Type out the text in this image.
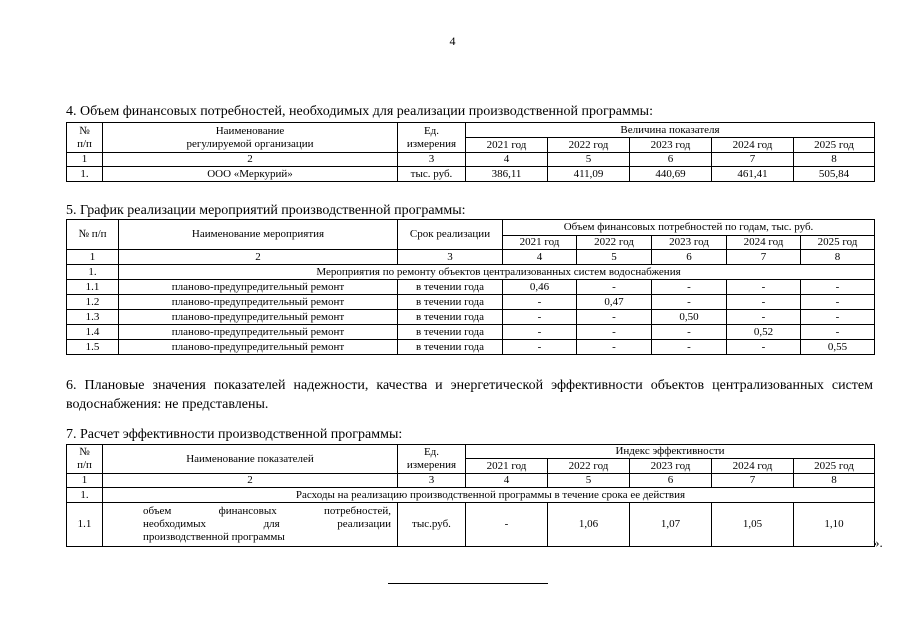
4
4. Объем финансовых потребностей, необходимых для реализации производственной программы:
№
п/п	Наименование
регулируемой организации	Ед.
измерения	Величина показателя				
			2021 год	2022 год	2023 год	2024 год	2025 год
1	2	3	4	5	6	7	8
1.	ООО «Меркурий»	тыс. руб.	386,11	411,09	440,69	461,41	505,84
5. График реализации мероприятий производственной программы:
№ п/п	Наименование мероприятия	Срок реализации	Объем финансовых потребностей по годам, тыс. руб.				
			2021 год	2022 год	2023 год	2024 год	2025 год
1	2	3	4	5	6	7	8
1.	Мероприятия по ремонту объектов централизованных систем водоснабжения						
1.1	планово-предупредительный ремонт	в течении года	0,46	-	-	-	-
1.2	планово-предупредительный ремонт	в течении года	-	0,47	-	-	-
1.3	планово-предупредительный ремонт	в течении года	-	-	0,50	-	-
1.4	планово-предупредительный ремонт	в течении года	-	-	-	0,52	-
1.5	планово-предупредительный ремонт	в течении года	-	-	-	-	0,55
6. Плановые значения показателей надежности, качества и энергетической эффективности объектов централизованных систем водоснабжения: не представлены.
7. Расчет эффективности производственной программы:
№
п/п	Наименование показателей	Ед.
измерения	Индекс эффективности				
			2021 год	2022 год	2023 год	2024 год	2025 год
1	2	3	4	5	6	7	8
1.	Расходы на реализацию производственной программы в течение срока ее действия						
1.1	объем финансовых потребностей,
необходимых для реализации
производственной программы	тыс.руб.	-	1,06	1,07	1,05	1,10
».
